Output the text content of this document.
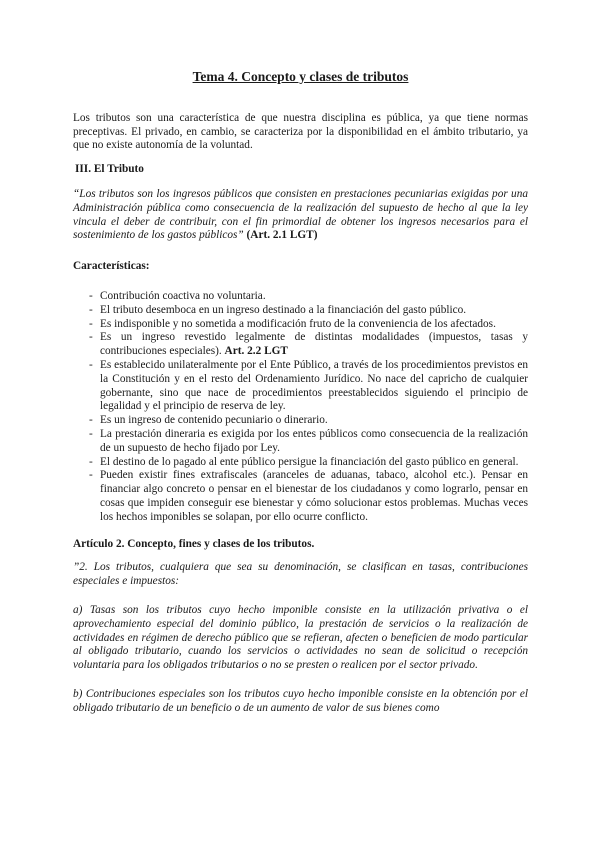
Tema 4. Concepto y clases de tributos

Los tributos son una característica de que nuestra disciplina es pública, ya que tiene normas preceptivas. El privado, en cambio, se caracteriza por la disponibilidad en el ámbito tributario, ya que no existe autonomía de la voluntad.

III. El Tributo

“Los tributos son los ingresos públicos que consisten en prestaciones pecuniarias exigidas por una Administración pública como consecuencia de la realización del supuesto de hecho al que la ley vincula el deber de contribuir, con el fin primordial de obtener los ingresos necesarios para el sostenimiento de los gastos públicos” (Art. 2.1 LGT)

Características:
- Contribución coactiva no voluntaria.
- El tributo desemboca en un ingreso destinado a la financiación del gasto público.
- Es indisponible y no sometida a modificación fruto de la conveniencia de los afectados.
- Es un ingreso revestido legalmente de distintas modalidades (impuestos, tasas y contribuciones especiales). Art. 2.2 LGT
- Es establecido unilateralmente por el Ente Público, a través de los procedimientos previstos en la Constitución y en el resto del Ordenamiento Jurídico. No nace del capricho de cualquier gobernante, sino que nace de procedimientos preestablecidos siguiendo el principio de legalidad y el principio de reserva de ley.
- Es un ingreso de contenido pecuniario o dinerario.
- La prestación dineraria es exigida por los entes públicos como consecuencia de la realización de un supuesto de hecho fijado por Ley.
- El destino de lo pagado al ente público persigue la financiación del gasto público en general.
- Pueden existir fines extrafiscales (aranceles de aduanas, tabaco, alcohol etc.). Pensar en financiar algo concreto o pensar en el bienestar de los ciudadanos y como lograrlo, pensar en cosas que impiden conseguir ese bienestar y cómo solucionar estos problemas. Muchas veces los hechos imponibles se solapan, por ello ocurre conflicto.
Artículo 2. Concepto, fines y clases de los tributos.

”2. Los tributos, cualquiera que sea su denominación, se clasifican en tasas, contribuciones especiales e impuestos:

a) Tasas son los tributos cuyo hecho imponible consiste en la utilización privativa o el aprovechamiento especial del dominio público, la prestación de servicios o la realización de actividades en régimen de derecho público que se refieran, afecten o beneficien de modo particular al obligado tributario, cuando los servicios o actividades no sean de solicitud o recepción voluntaria para los obligados tributarios o no se presten o realicen por el sector privado.

b) Contribuciones especiales son los tributos cuyo hecho imponible consiste en la obtención por el obligado tributario de un beneficio o de un aumento de valor de sus bienes como
